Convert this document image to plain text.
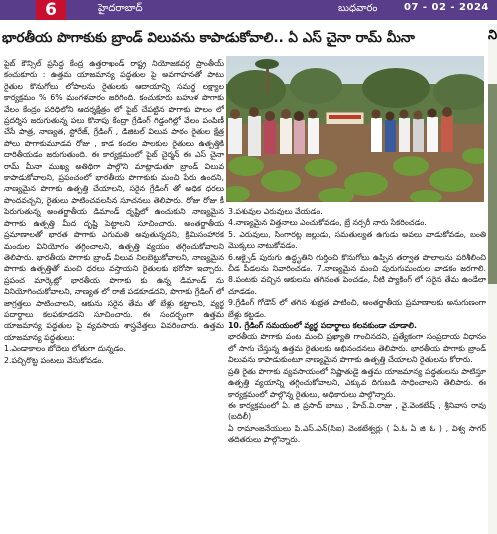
6	హైదరాబాద్	బుధవారం	07 - 02 - 2024
భారతీయ పొగాకుకు బ్రాండ్ విలువను కాపాడుకోవాలి.. ఏ ఎస్ చైనా రామ్ మీనా	ని

పైబ్ కౌన్సిల్ ప్రసిద్ధ కేంద్ర ఉత్తరాఖండ్ రాష్ట్ర నియోజకవర్గ ప్రాంతీయ్ కంచుకూరు : ఉత్తమ యాజమాన్య పద్ధతుల పై అవగాహనతో పాటు రైతుల కొనుగోలు లోపాలను రైతులకు ఆదాయాన్ని సమర్థ లక్ష్యాల కార్యక్రమం % 6% మంగళవారం జరిగింది. కంచుకూరు బహుళ పొగాకు వేలం కేంద్రం పరిధిలోని ఆదర్శక్షేత్రం లో పైబ్ చేపట్టిన పొగాకు పొలం లో ప్రదర్శిస జరుగుతున్న పలు కొనాపు కేంద్రా గ్రేడింగ్ గిడ్డంగిల్లో వేలం పంపిణీ చేసే పాత్ర, నాణ్యత, స్టోరేజ్, గ్రేడింగ్ , డిజిటల్ విలువ పాఠం రైతుల క్షేత్ర పోలు పొగాకుమూడవ రోజు , కాడ కందల పాలకుల రైతులు ఉత్పత్తికి దారితీయడం జరుగుతుంది. ఈ కార్యక్రమంలో పైబ్ చైర్మన్ ఈ ఎస్ చైనా రామ్ మీనా ముఖ్య అతిథిగా పాల్గొని మాట్లాడుతూ బ్రాండ్ విలువ కాపాడుకోవాలని, ప్రపంచంలో భారతీయ పొగాకుకు మంచి పేరు ఉందని, నాణ్యమైన పొగాకు ఉత్పత్తి చేయాలని, సరైన గ్రేడింగ్ తో అధిక ధరలు పొందవచ్చని, రైతులు పాటించవలసిన సూచనలు తెలిపారు. రోజు రోజు కీ పెరుగుతున్న అంతర్జాతీయ డిమాండ్ దృష్టిలో ఉంచుకుని నాణ్యమైన పొగాకు ఉత్పత్తి మీద దృష్టి పెట్టాలని సూచించారు. అంతర్జాతీయ ప్రమాణాలతో భారత పొగాకు ఎగుమతి అవుతున్నదని, క్రిమిసంహారక మందుల వినియోగం తగ్గించాలని, ఉత్పత్తి వ్యయం తగ్గించుకోవాలని తెలిపారు. భారతీయ పొగాకు బ్రాండ్ విలువ నిలబెట్టుకోవాలని, నాణ్యమైన పొగాకు ఉత్పత్తితో మంచి ధరలు వస్తాయని రైతులకు భరోసా ఇచ్చారు. ప్రపంచ మార్కెట్లో భారతీయ పొగాకు కు ఉన్న డిమాండ్ ను వినియోగించుకోవాలని, నాణ్యత లో రాజీ పడకూడదని, పొగాకు గ్రేడింగ్ లో జాగ్రత్తలు పాటించాలని, ఆకును సరైన తేమ తో బేళ్లు కట్టాలని, వ్యర్థ పదార్థాలు కలపకూడదని సూచించారు. ఈ సందర్భంగా ఉత్తమ యాజమాన్య పద్ధతుల పై వ్యవసాయ శాస్త్రవేత్తలు వివరించారు. ఉత్తమ యాజమాన్య పద్ధతులు:

1.ఎండాకాలం బోదెలు లోతుగా దున్నడం.

2.పచ్చిరొట్ట పంటలు వేసుకోవడం.

3.పశువుల ఎరువులు వేయడం.

4.నాణ్యమైన విత్తనాలు ఎంచుకోవడం, బ్రే నర్సరీ నారు సేకరించడం.

5. ఎరువులు, సింగారట్ల జల్లుడు, సమతుల్యత ఉగుడు అవలు వాడుకోవడం, బంతి మొక్కలు నాటుకోవడం.

6.ఆక్సైడ్ పురుగు ఉద్ధృతిని గుర్తించి కొనుగోలు ఉప్పిన తర్వాత పొలాలను పరిశీలించి చీడ పీడలను నివారించడం. 7.నాణ్యమైన మంచి పురుగుమందుల వాడకం జరగాలి. 8.పంటకు వచ్చిన ఆకులను తగినంత పెంచడం, నీటి ప్యాకింగ్ లో సరైన తేమ ఉండేలా చూడడం.

9.గ్రేడింగ్ గోడౌన్ లో తగిన శుభ్రత పాటించి, అంతర్జాతీయ ప్రమాణాలకు అనుగుణంగా బేళ్లు కట్టడం.

10. గ్రేడింగ్ సమయంలో వ్యర్థ పదార్థాలు కలవకుండా చూడాలి.

భారతీయ పొగాకు పంట మంచి ప్రఖ్యాతి గాంచినదని, ప్రత్యేకంగా సంప్రదాయ విధానం లో సాగు చేస్తున్న ఉత్తమ రైతులకు అభినందనలు తెలిపారు. భారతీయ పొగాకు బ్రాండ్ విలువను కాపాడుకుంటూ నాణ్యమైన పొగాకు ఉత్పత్తి చేయాలని రైతులను కోరారు.

ప్రతి రైతు పొగాకు వ్యవసాయంలో నిష్ణాతుడై ఉత్తమ యాజమాన్య పద్ధతులను పాటిస్తూ ఉత్పత్తి వ్యయాన్ని తగ్గించుకోవాలని, ఎక్కువ దిగుబడి సాధించాలని తెలిపారు. ఈ కార్యక్రమంలో పాల్గొన్న రైతులు, అధికారులు పాల్గొన్నారు.

ఈ కార్యక్రమంలో ఏ. జి ప్రసాద్ బాబు , హేచ్.వి.రాజు , వై.వెంకటేష్ , శ్రీనివాస రావు (బదిలీ)

ఏ రామాంజనేయులు పి.ఎస్.ఎన్(సిఐ) వెంకటేశ్వర్లు ( ఏ.ఓ ఏ జి ఓ ) , విశ్వ సాగర్ తదితరులు పాల్గొన్నారు.
